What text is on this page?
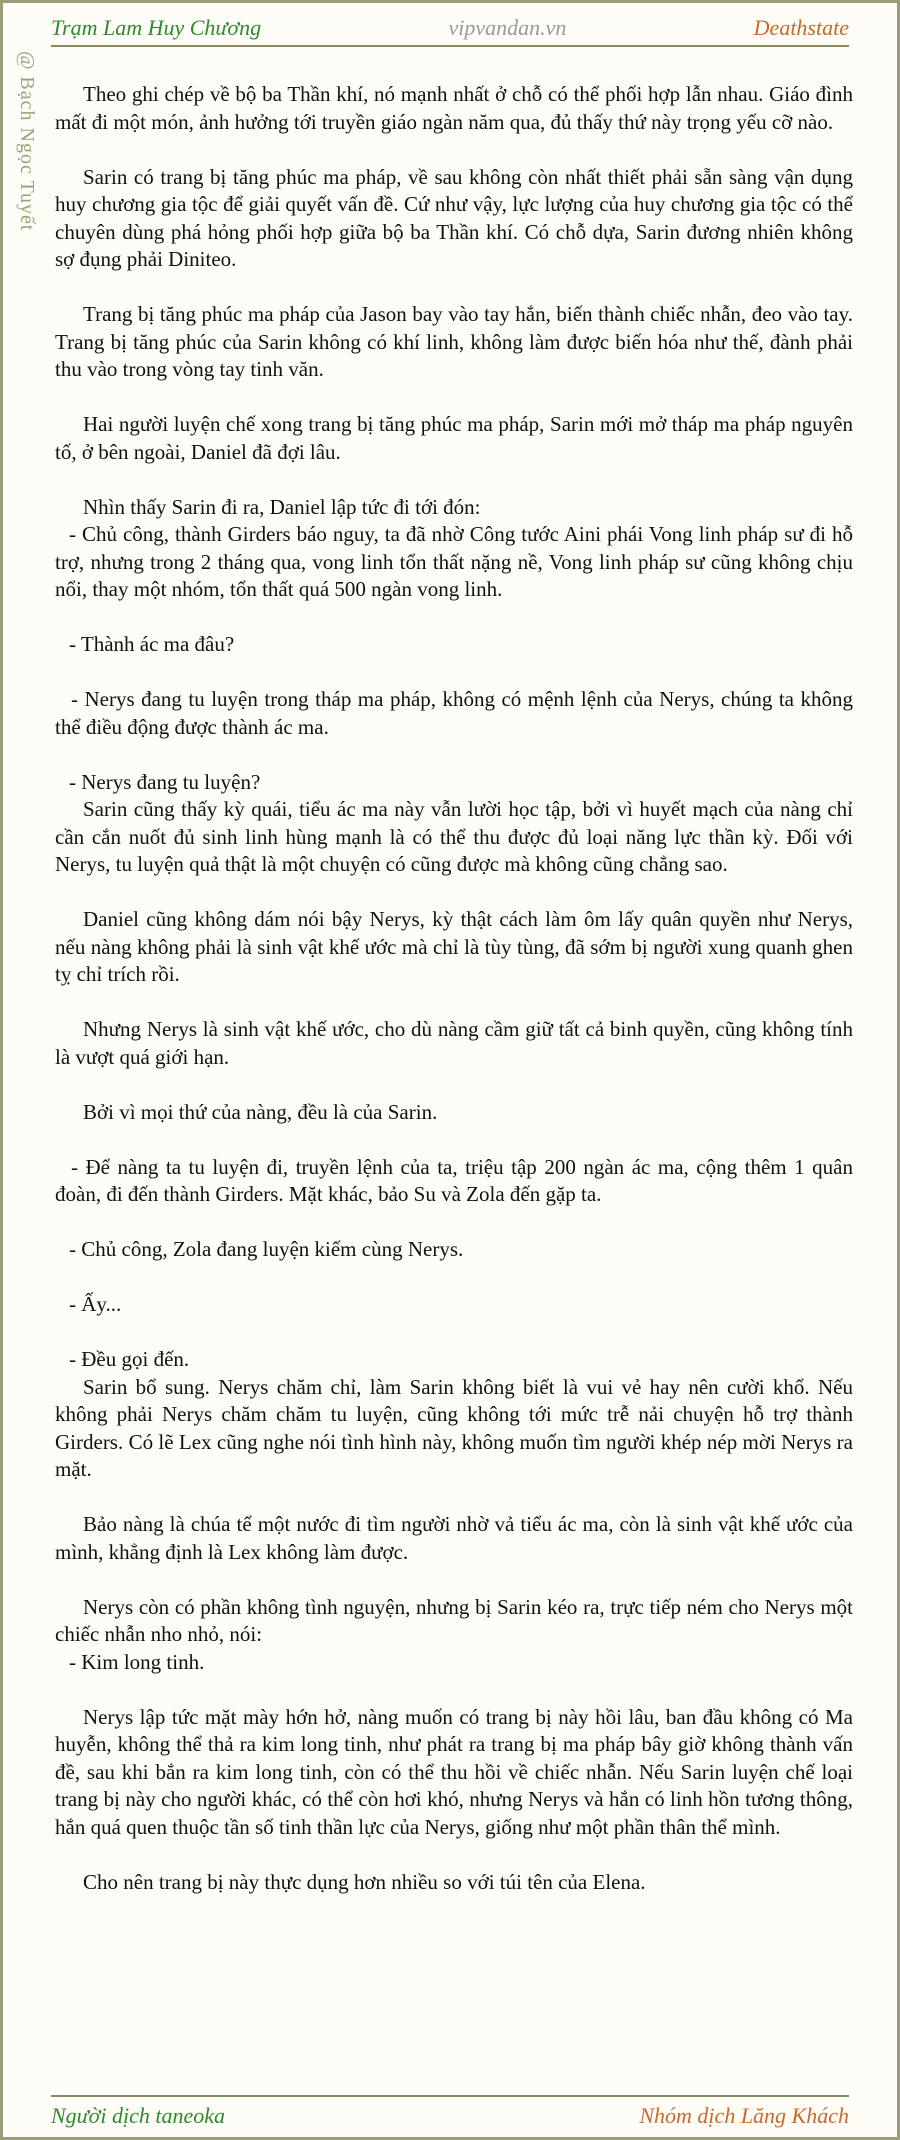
Trạm Lam Huy Chương	vipvandan.vn	Deathstate
@ Bạch Ngọc Tuyết	Theo ghi chép về bộ ba Thần khí, nó mạnh nhất ở chỗ có thể phối hợp lẫn nhau. Giáo đình mất đi một món, ảnh hưởng tới truyền giáo ngàn năm qua, đủ thấy thứ này trọng yếu cỡ nào.

Sarin có trang bị tăng phúc ma pháp, về sau không còn nhất thiết phải sẵn sàng vận dụng huy chương gia tộc để giải quyết vấn đề. Cứ như vậy, lực lượng của huy chương gia tộc có thể chuyên dùng phá hỏng phối hợp giữa bộ ba Thần khí. Có chỗ dựa, Sarin đương nhiên không sợ đụng phải Diniteo.

Trang bị tăng phúc ma pháp của Jason bay vào tay hắn, biến thành chiếc nhẫn, đeo vào tay. Trang bị tăng phúc của Sarin không có khí linh, không làm được biến hóa như thế, đành phải thu vào trong vòng tay tinh văn.

Hai người luyện chế xong trang bị tăng phúc ma pháp, Sarin mới mở tháp ma pháp nguyên tố, ở bên ngoài, Daniel đã đợi lâu.

Nhìn thấy Sarin đi ra, Daniel lập tức đi tới đón:

- Chủ công, thành Girders báo nguy, ta đã nhờ Công tước Aini phái Vong linh pháp sư đi hỗ trợ, nhưng trong 2 tháng qua, vong linh tổn thất nặng nề, Vong linh pháp sư cũng không chịu nổi, thay một nhóm, tổn thất quá 500 ngàn vong linh.

- Thành ác ma đâu?

- Nerys đang tu luyện trong tháp ma pháp, không có mệnh lệnh của Nerys, chúng ta không thể điều động được thành ác ma.

- Nerys đang tu luyện?

Sarin cũng thấy kỳ quái, tiểu ác ma này vẫn lười học tập, bởi vì huyết mạch của nàng chỉ cần cắn nuốt đủ sinh linh hùng mạnh là có thể thu được đủ loại năng lực thần kỳ. Đối với Nerys, tu luyện quả thật là một chuyện có cũng được mà không cũng chẳng sao.

Daniel cũng không dám nói bậy Nerys, kỳ thật cách làm ôm lấy quân quyền như Nerys, nếu nàng không phải là sinh vật khế ước mà chỉ là tùy tùng, đã sớm bị người xung quanh ghen tỵ chỉ trích rồi.

Nhưng Nerys là sinh vật khế ước, cho dù nàng cầm giữ tất cả binh quyền, cũng không tính là vượt quá giới hạn.

Bởi vì mọi thứ của nàng, đều là của Sarin.

- Để nàng ta tu luyện đi, truyền lệnh của ta, triệu tập 200 ngàn ác ma, cộng thêm 1 quân đoàn, đi đến thành Girders. Mặt khác, bảo Su và Zola đến gặp ta.

- Chủ công, Zola đang luyện kiếm cùng Nerys.

- Ấy...

- Đều gọi đến.

Sarin bổ sung. Nerys chăm chỉ, làm Sarin không biết là vui vẻ hay nên cười khổ. Nếu không phải Nerys chăm chăm tu luyện, cũng không tới mức trễ nải chuyện hỗ trợ thành Girders. Có lẽ Lex cũng nghe nói tình hình này, không muốn tìm người khép nép mời Nerys ra mặt.

Bảo nàng là chúa tể một nước đi tìm người nhờ vả tiểu ác ma, còn là sinh vật khế ước của mình, khẳng định là Lex không làm được.

Nerys còn có phần không tình nguyện, nhưng bị Sarin kéo ra, trực tiếp ném cho Nerys một chiếc nhẫn nho nhỏ, nói:

- Kim long tinh.

Nerys lập tức mặt mày hớn hở, nàng muốn có trang bị này hồi lâu, ban đầu không có Ma huyễn, không thể thả ra kim long tinh, như phát ra trang bị ma pháp bây giờ không thành vấn đề, sau khi bắn ra kim long tinh, còn có thể thu hồi về chiếc nhẫn. Nếu Sarin luyện chế loại trang bị này cho người khác, có thể còn hơi khó, nhưng Nerys và hắn có linh hồn tương thông, hắn quá quen thuộc tần số tinh thần lực của Nerys, giống như một phần thân thể mình.

Cho nên trang bị này thực dụng hơn nhiều so với túi tên của Elena.

Người dịch taneoka	Nhóm dịch Lăng Khách
